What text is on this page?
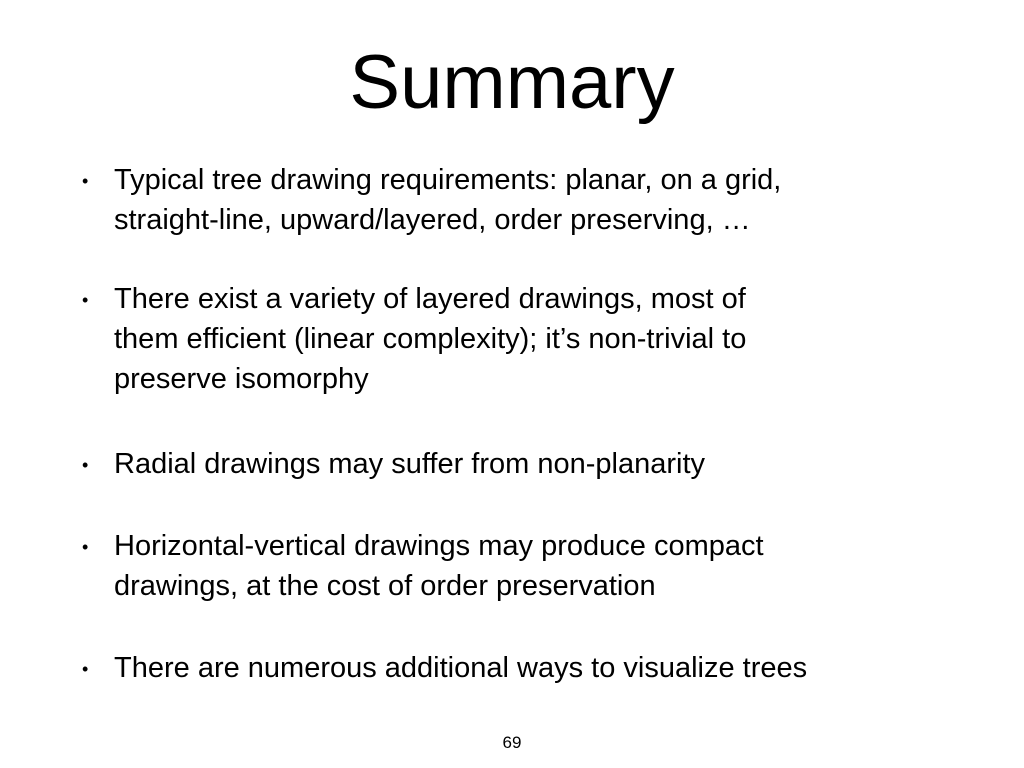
Summary
• Typical tree drawing requirements: planar, on a grid,
straight-line, upward/layered, order preserving, …
• There exist a variety of layered drawings, most of
them efficient (linear complexity); it’s non-trivial to
preserve isomorphy
• Radial drawings may suffer from non-planarity
• Horizontal-vertical drawings may produce compact
drawings, at the cost of order preservation
• There are numerous additional ways to visualize trees
69
